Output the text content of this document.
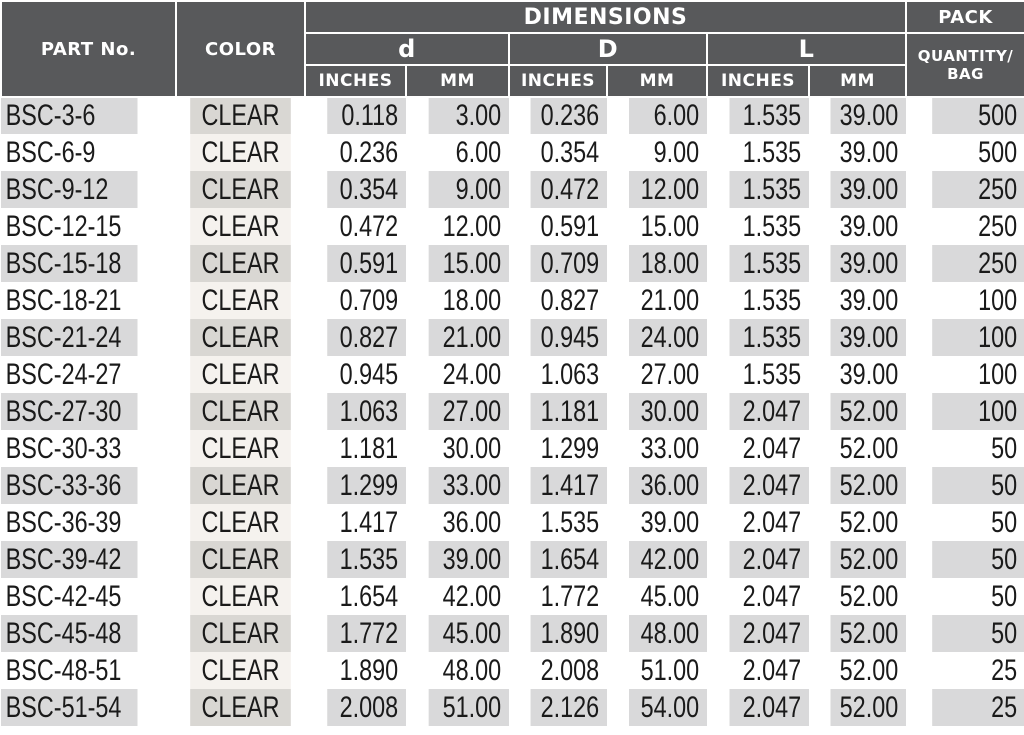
PART No.	COLOR	DIMENSIONS						PACK
		d		D		L		QUANTITY/ BAG
		INCHES	MM	INCHES	MM	INCHES	MM	
BSC-3-6	CLEAR	0.118	3.00	0.236	6.00	1.535	39.00	500
BSC-6-9	CLEAR	0.236	6.00	0.354	9.00	1.535	39.00	500
BSC-9-12	CLEAR	0.354	9.00	0.472	12.00	1.535	39.00	250
BSC-12-15	CLEAR	0.472	12.00	0.591	15.00	1.535	39.00	250
BSC-15-18	CLEAR	0.591	15.00	0.709	18.00	1.535	39.00	250
BSC-18-21	CLEAR	0.709	18.00	0.827	21.00	1.535	39.00	100
BSC-21-24	CLEAR	0.827	21.00	0.945	24.00	1.535	39.00	100
BSC-24-27	CLEAR	0.945	24.00	1.063	27.00	1.535	39.00	100
BSC-27-30	CLEAR	1.063	27.00	1.181	30.00	2.047	52.00	100
BSC-30-33	CLEAR	1.181	30.00	1.299	33.00	2.047	52.00	50
BSC-33-36	CLEAR	1.299	33.00	1.417	36.00	2.047	52.00	50
BSC-36-39	CLEAR	1.417	36.00	1.535	39.00	2.047	52.00	50
BSC-39-42	CLEAR	1.535	39.00	1.654	42.00	2.047	52.00	50
BSC-42-45	CLEAR	1.654	42.00	1.772	45.00	2.047	52.00	50
BSC-45-48	CLEAR	1.772	45.00	1.890	48.00	2.047	52.00	50
BSC-48-51	CLEAR	1.890	48.00	2.008	51.00	2.047	52.00	25
BSC-51-54	CLEAR	2.008	51.00	2.126	54.00	2.047	52.00	25
